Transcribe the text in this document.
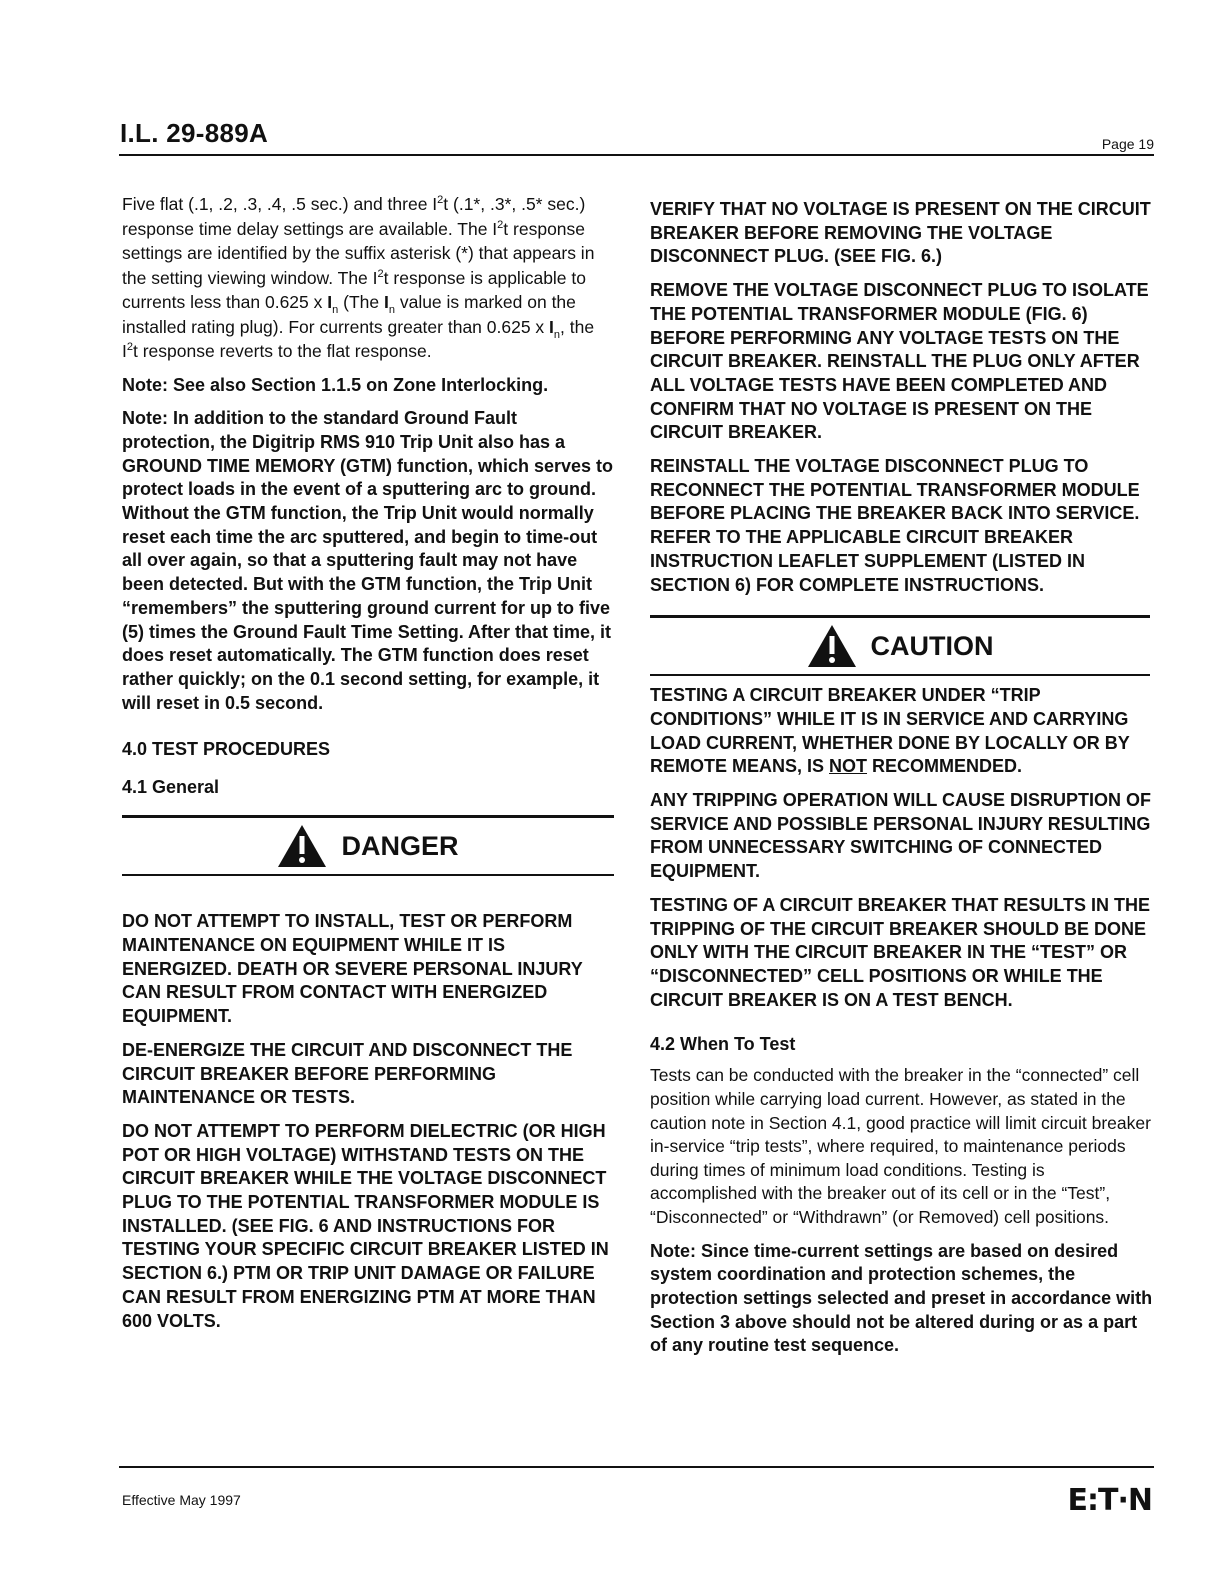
I.L. 29-889A	Page 19

Five flat (.1, .2, .3, .4, .5 sec.) and three $I^2t$ (.1*, .3*, .5* sec.) response time delay settings are available. The $I^2t$ response settings are identified by the suffix asterisk (*) that appears in the setting viewing window. The $I^2t$ response is applicable to currents less than 0.625 x $I_n$ (The $I_n$ value is marked on the installed rating plug). For currents greater than 0.625 x $I_n$, the $I^2t$ response reverts to the flat response.

Note: See also Section 1.1.5 on Zone Interlocking.

Note: In addition to the standard Ground Fault protection, the Digitrip RMS 910 Trip Unit also has a GROUND TIME MEMORY (GTM) function, which serves to protect loads in the event of a sputtering arc to ground. Without the GTM function, the Trip Unit would normally reset each time the arc sputtered, and begin to time-out all over again, so that a sputtering fault may not have been detected. But with the GTM function, the Trip Unit “remembers” the sputtering ground current for up to five (5) times the Ground Fault Time Setting. After that time, it does reset automatically. The GTM function does reset rather quickly; on the 0.1 second setting, for example, it will reset in 0.5 second.

4.0 TEST PROCEDURES

4.1 General

DANGER

DO NOT ATTEMPT TO INSTALL, TEST OR PERFORM MAINTENANCE ON EQUIPMENT WHILE IT IS ENERGIZED. DEATH OR SEVERE PERSONAL INJURY CAN RESULT FROM CONTACT WITH ENERGIZED EQUIPMENT.

DE-ENERGIZE THE CIRCUIT AND DISCONNECT THE CIRCUIT BREAKER BEFORE PERFORMING MAINTENANCE OR TESTS.

DO NOT ATTEMPT TO PERFORM DIELECTRIC (OR HIGH POT OR HIGH VOLTAGE) WITHSTAND TESTS ON THE CIRCUIT BREAKER WHILE THE VOLTAGE DISCONNECT PLUG TO THE POTENTIAL TRANSFORMER MODULE IS INSTALLED. (SEE FIG. 6 AND INSTRUCTIONS FOR TESTING YOUR SPECIFIC CIRCUIT BREAKER LISTED IN SECTION 6.) PTM OR TRIP UNIT DAMAGE OR FAILURE CAN RESULT FROM ENERGIZING PTM AT MORE THAN 600 VOLTS.

VERIFY THAT NO VOLTAGE IS PRESENT ON THE CIRCUIT BREAKER BEFORE REMOVING THE VOLTAGE DISCONNECT PLUG. (SEE FIG. 6.)

REMOVE THE VOLTAGE DISCONNECT PLUG TO ISOLATE THE POTENTIAL TRANSFORMER MODULE (FIG. 6) BEFORE PERFORMING ANY VOLTAGE TESTS ON THE CIRCUIT BREAKER. REINSTALL THE PLUG ONLY AFTER ALL VOLTAGE TESTS HAVE BEEN COMPLETED AND CONFIRM THAT NO VOLTAGE IS PRESENT ON THE CIRCUIT BREAKER.

REINSTALL THE VOLTAGE DISCONNECT PLUG TO RECONNECT THE POTENTIAL TRANSFORMER MODULE BEFORE PLACING THE BREAKER BACK INTO SERVICE. REFER TO THE APPLICABLE CIRCUIT BREAKER INSTRUCTION LEAFLET SUPPLEMENT (LISTED IN SECTION 6) FOR COMPLETE INSTRUCTIONS.

CAUTION

TESTING A CIRCUIT BREAKER UNDER “TRIP CONDITIONS” WHILE IT IS IN SERVICE AND CARRYING LOAD CURRENT, WHETHER DONE BY LOCALLY OR BY REMOTE MEANS, IS NOT RECOMMENDED.

ANY TRIPPING OPERATION WILL CAUSE DISRUPTION OF SERVICE AND POSSIBLE PERSONAL INJURY RESULTING FROM UNNECESSARY SWITCHING OF CONNECTED EQUIPMENT.

TESTING OF A CIRCUIT BREAKER THAT RESULTS IN THE TRIPPING OF THE CIRCUIT BREAKER SHOULD BE DONE ONLY WITH THE CIRCUIT BREAKER IN THE “TEST” OR “DISCONNECTED” CELL POSITIONS OR WHILE THE CIRCUIT BREAKER IS ON A TEST BENCH.

4.2 When To Test

Tests can be conducted with the breaker in the “connected” cell position while carrying load current. However, as stated in the caution note in Section 4.1, good practice will limit circuit breaker in-service “trip tests”, where required, to maintenance periods during times of minimum load conditions. Testing is accomplished with the breaker out of its cell or in the “Test”, “Disconnected” or “Withdrawn” (or Removed) cell positions.

Note: Since time-current settings are based on desired system coordination and protection schemes, the protection settings selected and preset in accordance with Section 3 above should not be altered during or as a part of any routine test sequence.

Effective May 1997	E:T·N
